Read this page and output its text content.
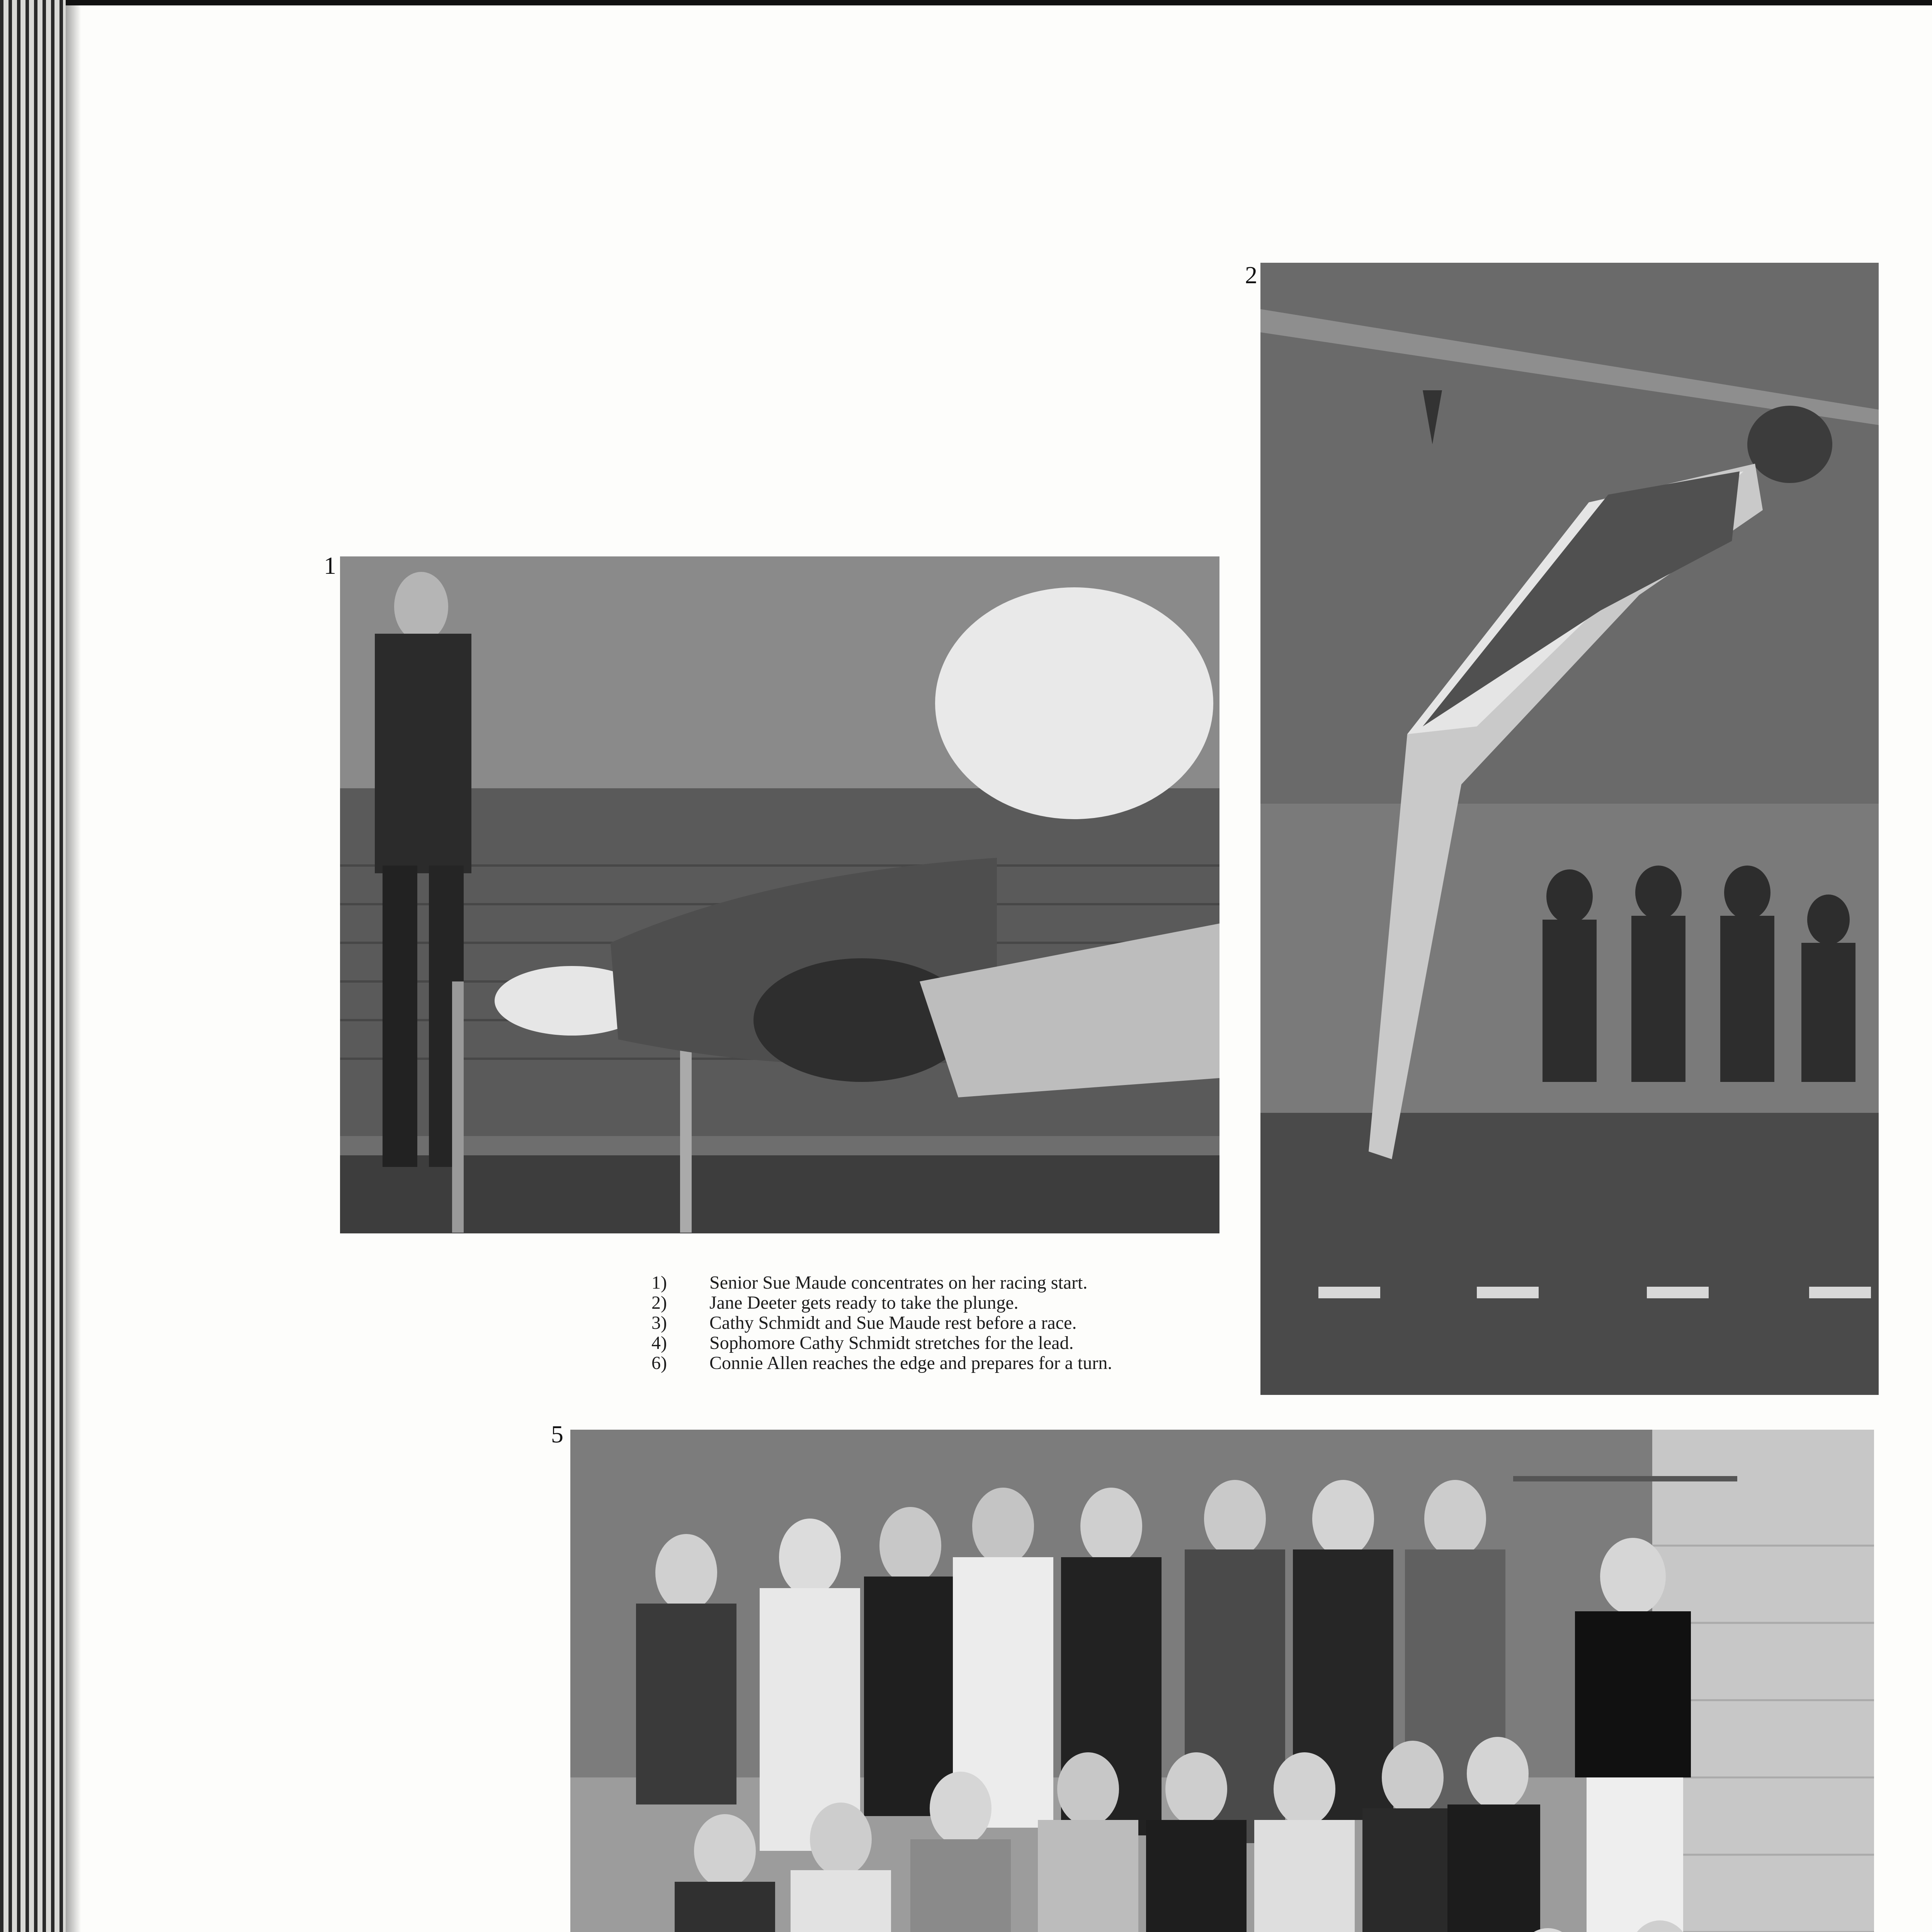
1
2
1)	Senior Sue Maude concentrates on her racing start.
2)	Jane Deeter gets ready to take the plunge.
3)	Cathy Schmidt and Sue Maude rest before a race.
4)	Sophomore Cathy Schmidt stretches for the lead.
6)	Connie Allen reaches the edge and prepares for a turn.
5
